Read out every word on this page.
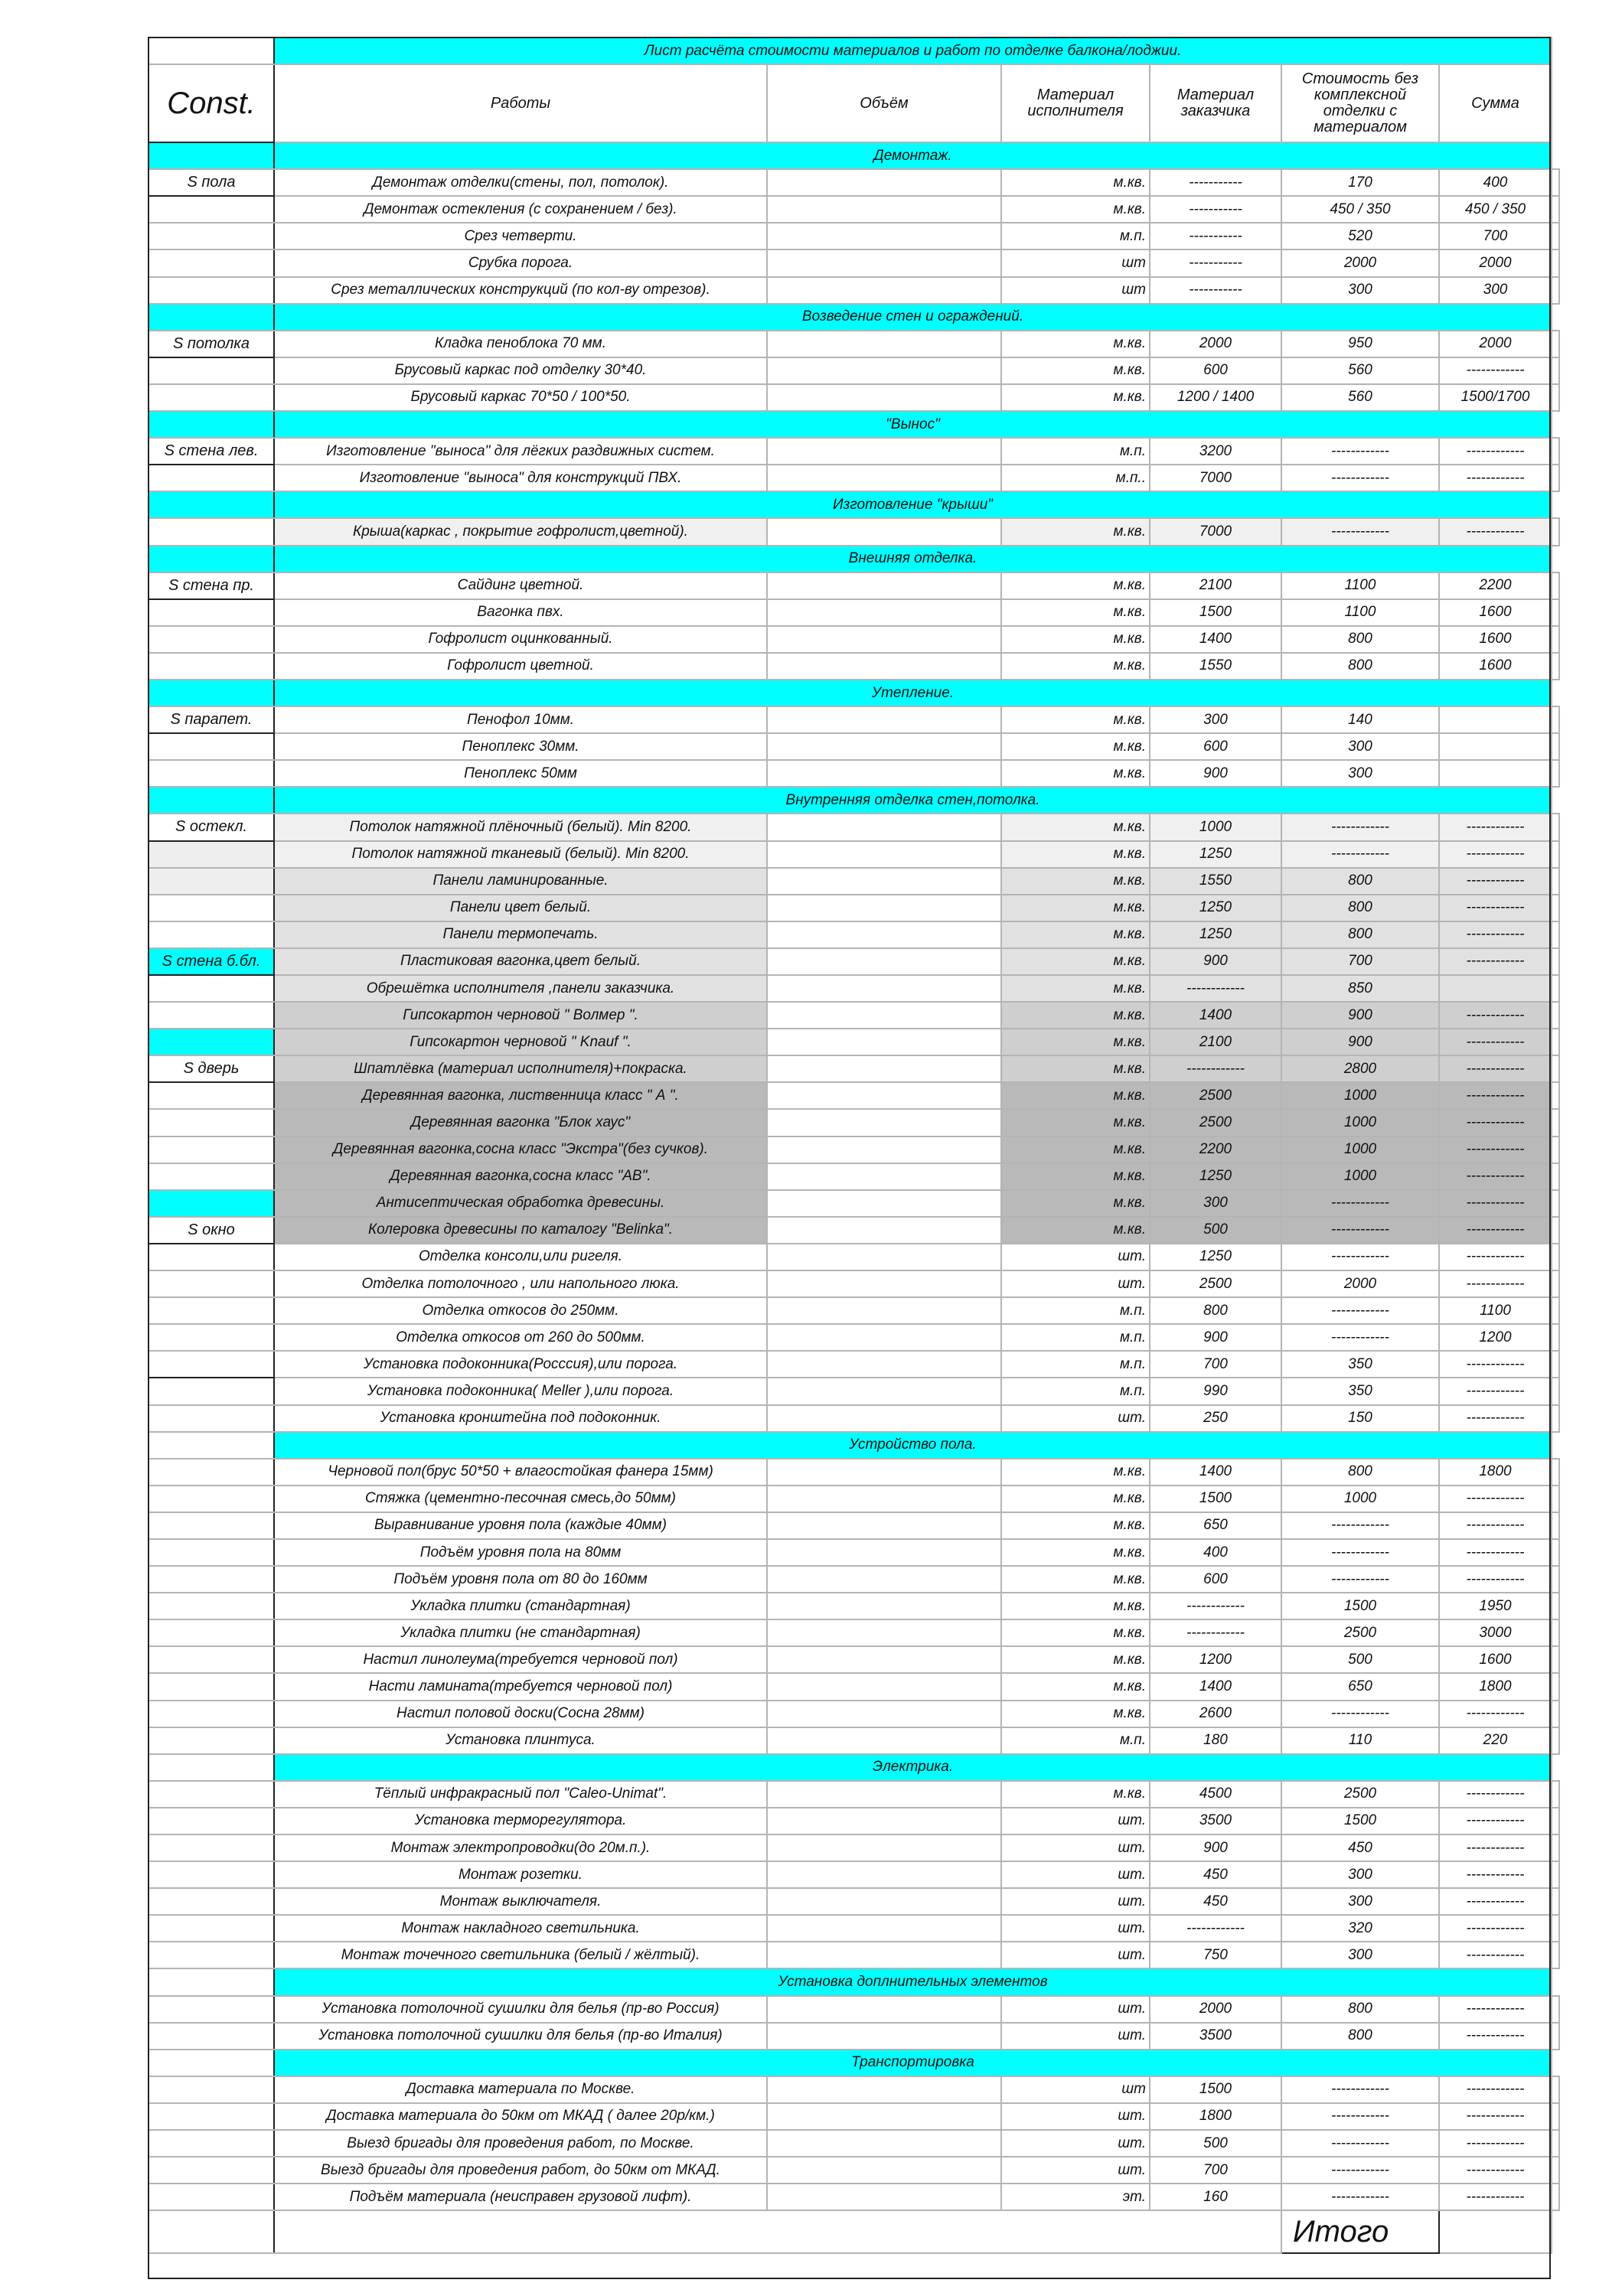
	Лист расчёта стоимости материалов и работ по отделке балкона/лоджии.						
Const.	Работы	Объём	Материал исполнителя	Материал заказчика	Стоимость без комплексной отделки с материалом	Сумма	
	Демонтаж.						
S пола	Демонтаж отделки(стены, пол, потолок).		м.кв.	-----------	170	400	
	Демонтаж остекления (с сохранением / без).		м.кв.	-----------	450 / 350	450 / 350	
	Срез четверти.		м.п.	-----------	520	700	
	Срубка порога.		шт	-----------	2000	2000	
	Срез металлических конструкций (по кол-ву отрезов).		шт	-----------	300	300	
	Возведение стен и ограждений.						
S потолка	Кладка пеноблока 70 мм.		м.кв.	2000	950	2000	
	Брусовый каркас под отделку 30*40.		м.кв.	600	560	------------	
	Брусовый каркас 70*50 / 100*50.		м.кв.	1200 / 1400	560	1500/1700	
	"Вынос"						
S стена лев.	Изготовление "выноса" для лёгких раздвижных систем.		м.п.	3200	------------	------------	
	Изготовление "выноса" для конструкций ПВХ.		м.п..	7000	------------	------------	
	Изготовление "крыши"						
	Крыша(каркас , покрытие гофролист,цветной).		м.кв.	7000	------------	------------	
	Внешняя отделка.						
S стена пр.	Сайдинг цветной.		м.кв.	2100	1100	2200	
	Вагонка пвх.		м.кв.	1500	1100	1600	
	Гофролист оцинкованный.		м.кв.	1400	800	1600	
	Гофролист цветной.		м.кв.	1550	800	1600	
	Утепление.						
S парапет.	Пенофол 10мм.		м.кв.	300	140		
	Пеноплекс 30мм.		м.кв.	600	300		
	Пеноплекс 50мм		м.кв.	900	300		
	Внутренняя отделка стен,потолка.						
S остекл.	Потолок натяжной плёночный (белый). Min 8200.		м.кв.	1000	------------	------------	
	Потолок натяжной тканевый (белый). Min 8200.		м.кв.	1250	------------	------------	
	Панели ламинированные.		м.кв.	1550	800	------------	
	Панели цвет белый.		м.кв.	1250	800	------------	
	Панели термопечать.		м.кв.	1250	800	------------	
S стена б.бл.	Пластиковая вагонка,цвет белый.		м.кв.	900	700	------------	
	Обрешётка исполнителя ,панели заказчика.		м.кв.	------------	850		
	Гипсокартон черновой " Волмер ".		м.кв.	1400	900	------------	
	Гипсокартон черновой " Knauf ".		м.кв.	2100	900	------------	
S дверь	Шпатлёвка (материал исполнителя)+покраска.		м.кв.	------------	2800	------------	
	Деревянная вагонка, лиственница класс " А ".		м.кв.	2500	1000	------------	
	Деревянная вагонка "Блок хаус"		м.кв.	2500	1000	------------	
	Деревянная вагонка,сосна класс "Экстра"(без сучков).		м.кв.	2200	1000	------------	
	Деревянная вагонка,сосна класс "АВ".		м.кв.	1250	1000	------------	
	Антисептическая обработка древесины.		м.кв.	300	------------	------------	
S окно	Колеровка древесины по каталогу "Belinka".		м.кв.	500	------------	------------	
	Отделка консоли,или ригеля.		шт.	1250	------------	------------	
	Отделка потолочного , или напольного люка.		шт.	2500	2000	------------	
	Отделка откосов до 250мм.		м.п.	800	------------	1100	
	Отделка откосов от 260 до 500мм.		м.п.	900	------------	1200	
	Установка подоконника(Росссия),или порога.		м.п.	700	350	------------	
	Установка подоконника( Meller ),или порога.		м.п.	990	350	------------	
	Установка кронштейна под подоконник.		шт.	250	150	------------	
	Устройство пола.						
	Черновой пол(брус 50*50 + влагостойкая фанера 15мм)		м.кв.	1400	800	1800	
	Стяжка (цементно-песочная смесь,до 50мм)		м.кв.	1500	1000	------------	
	Выравнивание уровня пола (каждые 40мм)		м.кв.	650	------------	------------	
	Подъём уровня пола на 80мм		м.кв.	400	------------	------------	
	Подъём уровня пола от 80 до 160мм		м.кв.	600	------------	------------	
	Укладка плитки (стандартная)		м.кв.	------------	1500	1950	
	Укладка плитки (не стандартная)		м.кв.	------------	2500	3000	
	Настил линолеума(требуется черновой пол)		м.кв.	1200	500	1600	
	Насти ламината(требуется черновой пол)		м.кв.	1400	650	1800	
	Настил половой доски(Сосна 28мм)		м.кв.	2600	------------	------------	
	Установка плинтуса.		м.п.	180	110	220	
	Электрика.						
	Тёплый инфракрасный пол "Caleo-Unimat".		м.кв.	4500	2500	------------	
	Установка терморегулятора.		шт.	3500	1500	------------	
	Монтаж электропроводки(до 20м.п.).		шт.	900	450	------------	
	Монтаж розетки.		шт.	450	300	------------	
	Монтаж выключателя.		шт.	450	300	------------	
	Монтаж накладного светильника.		шт.	------------	320	------------	
	Монтаж точечного светильника (белый / жёлтый).		шт.	750	300	------------	
	Установка доплнительных элементов						
	Установка потолочной сушилки для белья (пр-во Россия)		шт.	2000	800	------------	
	Установка потолочной сушилки для белья (пр-во Италия)		шт.	3500	800	------------	
	Транспортировка						
	Доставка материала по Москве.		шт	1500	------------	------------	
	Доставка материала до 50км от МКАД ( далее 20р/км.)		шт.	1800	------------	------------	
	Выезд бригады для проведения работ, по Москве.		шт.	500	------------	------------	
	Выезд бригады для проведения работ, до 50км от МКАД.		шт.	700	------------	------------	
	Подъём материала (неисправен грузовой лифт).		эт.	160	------------	------------	
					Итого		
